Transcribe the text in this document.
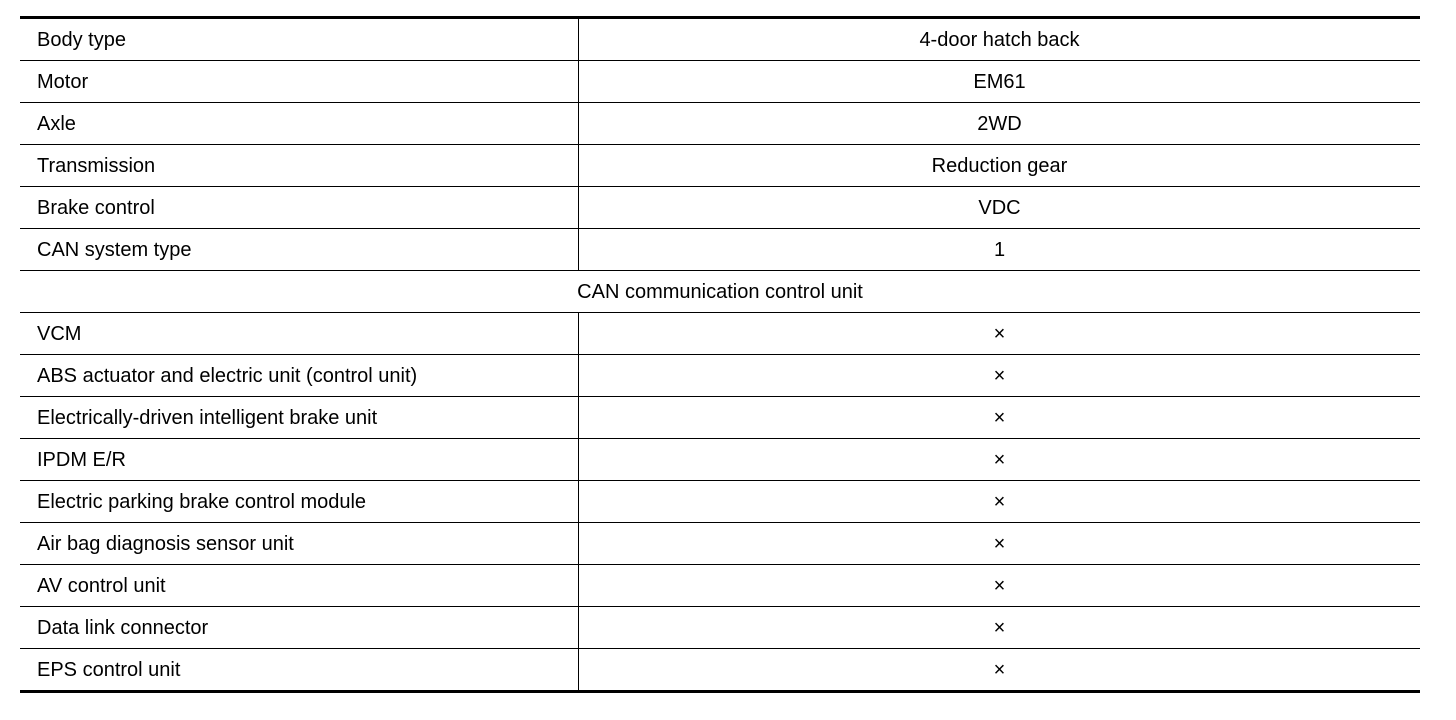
Body type	4-door hatch back
Motor	EM61
Axle	2WD
Transmission	Reduction gear
Brake control	VDC
CAN system type	1
CAN communication control unit	
VCM	×
ABS actuator and electric unit (control unit)	×
Electrically-driven intelligent brake unit	×
IPDM E/R	×
Electric parking brake control module	×
Air bag diagnosis sensor unit	×
AV control unit	×
Data link connector	×
EPS control unit	×
